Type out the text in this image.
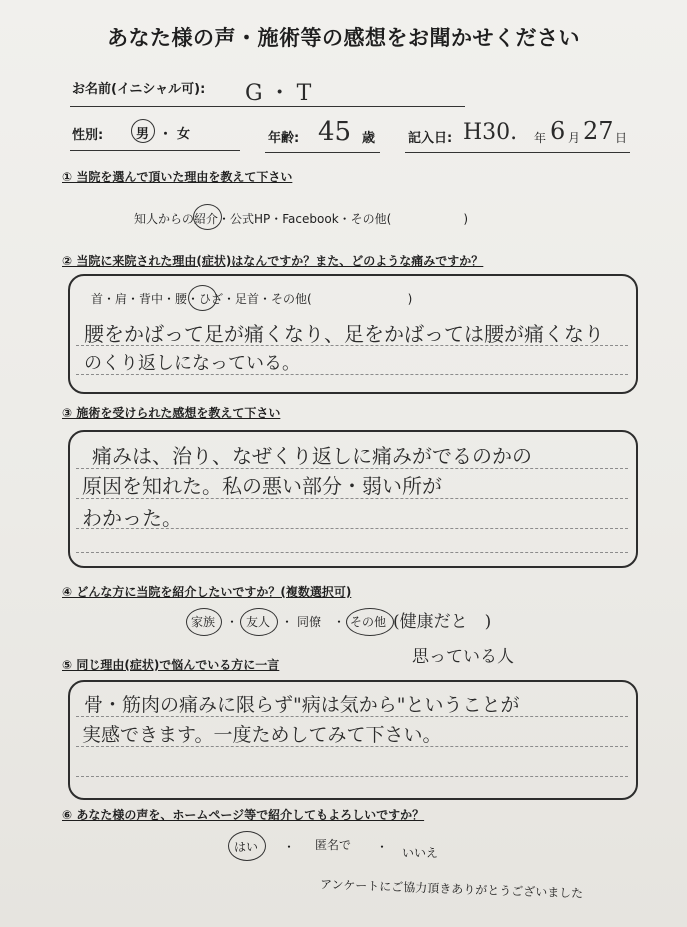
あなた様の声・施術等の感想をお聞かせください
お名前(イニシャル可): G・T
性別:	男 ・ 女	年齢: 45 歳	記入日: H30. 年 6 月 27 日
① 当院を選んで頂いた理由を教えて下さい
知人からの紹介・公式HP・Facebook・その他(　　　　　　)
② 当院に来院された理由(症状)はなんですか？また、どのような痛みですか？
首・肩・背中・腰・ひざ・足首・その他(　　　　　　　　)
腰をかばって足が痛くなり、足をかばっては腰が痛くなり
のくり返しになっている。
③ 施術を受けられた感想を教えて下さい
痛みは、治り、なぜくり返しに痛みがでるのかの
原因を知れた。私の悪い部分・弱い所が
わかった。
④ どんな方に当院を紹介したいですか？(複数選択可)
家族 ・ 友人 ・ 同僚 ・ その他 (健康だと　)
思っている人
⑤ 同じ理由(症状)で悩んでいる方に一言
骨・筋肉の痛みに限らず"病は気から"ということが
実感できます。一度ためしてみて下さい。
⑥ あなた様の声を、ホームページ等で紹介してもよろしいですか？
はい ・ 匿名で ・ いいえ
アンケートにご協力頂きありがとうございました
